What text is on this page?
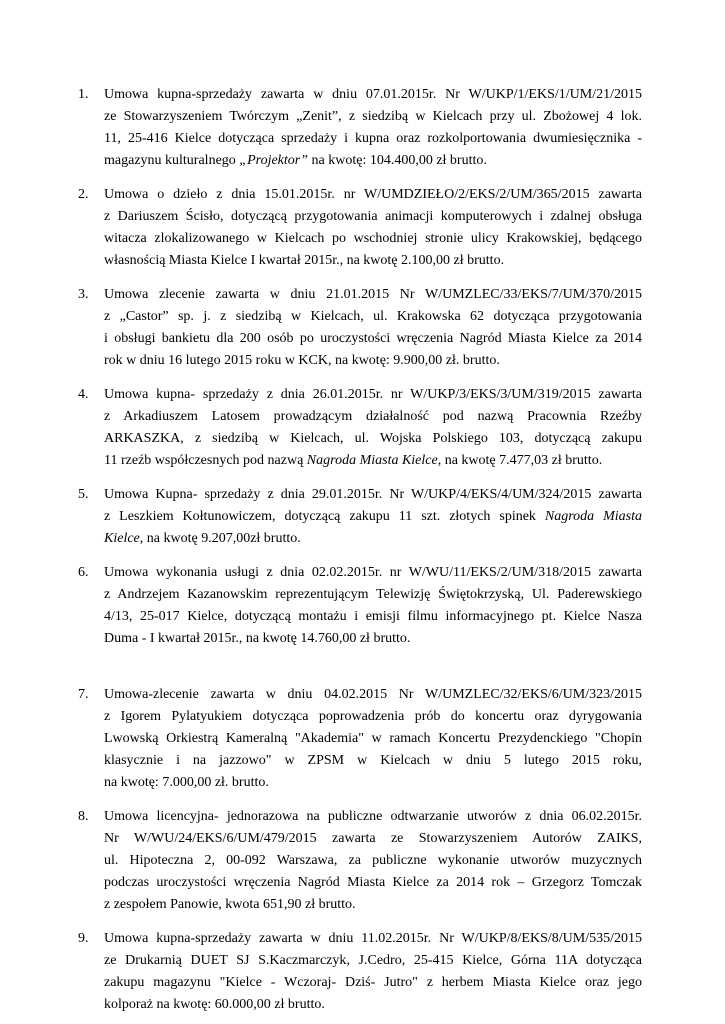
1. Umowa kupna-sprzedaży zawarta w dniu 07.01.2015r. Nr W/UKP/1/EKS/1/UM/21/2015
ze Stowarzyszeniem Twórczym „Zenit”, z siedzibą w Kielcach przy ul. Zbożowej 4 lok.
11, 25-416 Kielce dotycząca sprzedaży i kupna oraz rozkolportowania dwumiesięcznika -
magazynu kulturalnego „Projektor” na kwotę: 104.400,00 zł brutto.
2. Umowa o dzieło z dnia 15.01.2015r. nr W/UMDZIEŁO/2/EKS/2/UM/365/2015 zawarta
z Dariuszem Ścisło, dotyczącą przygotowania animacji komputerowych i zdalnej obsługa
witacza zlokalizowanego w Kielcach po wschodniej stronie ulicy Krakowskiej, będącego
własnością Miasta Kielce I kwartał 2015r., na kwotę 2.100,00 zł brutto.
3. Umowa zlecenie zawarta w dniu 21.01.2015 Nr W/UMZLEC/33/EKS/7/UM/370/2015
z „Castor” sp. j. z siedzibą w Kielcach, ul. Krakowska 62 dotycząca przygotowania
i obsługi bankietu dla 200 osób po uroczystości wręczenia Nagród Miasta Kielce za 2014
rok w dniu 16 lutego 2015 roku w KCK, na kwotę: 9.900,00 zł. brutto.
4. Umowa kupna- sprzedaży z dnia 26.01.2015r. nr W/UKP/3/EKS/3/UM/319/2015 zawarta
z Arkadiuszem Latosem prowadzącym działalność pod nazwą Pracownia Rzeźby
ARKASZKA, z siedzibą w Kielcach, ul. Wojska Polskiego 103, dotyczącą zakupu
11 rzeźb współczesnych pod nazwą Nagroda Miasta Kielce, na kwotę 7.477,03 zł brutto.
5. Umowa Kupna- sprzedaży z dnia 29.01.2015r. Nr W/UKP/4/EKS/4/UM/324/2015 zawarta
z Leszkiem Kołtunowiczem, dotyczącą zakupu 11 szt. złotych spinek Nagroda Miasta
Kielce, na kwotę 9.207,00zł brutto.
6. Umowa wykonania usługi z dnia 02.02.2015r. nr W/WU/11/EKS/2/UM/318/2015 zawarta
z Andrzejem Kazanowskim reprezentującym Telewizję Świętokrzyską, Ul. Paderewskiego
4/13, 25-017 Kielce, dotyczącą montażu i emisji filmu informacyjnego pt. Kielce Nasza
Duma - I kwartał 2015r., na kwotę 14.760,00 zł brutto.
7. Umowa-zlecenie zawarta w dniu 04.02.2015 Nr W/UMZLEC/32/EKS/6/UM/323/2015
z Igorem Pylatyukiem dotycząca poprowadzenia prób do koncertu oraz dyrygowania
Lwowską Orkiestrą Kameralną "Akademia" w ramach Koncertu Prezydenckiego "Chopin
klasycznie i na jazzowo" w ZPSM w Kielcach w dniu 5 lutego 2015 roku,
na kwotę: 7.000,00 zł. brutto.
8. Umowa licencyjna- jednorazowa na publiczne odtwarzanie utworów z dnia 06.02.2015r.
Nr W/WU/24/EKS/6/UM/479/2015 zawarta ze Stowarzyszeniem Autorów ZAIKS,
ul. Hipoteczna 2, 00-092 Warszawa, za publiczne wykonanie utworów muzycznych
podczas uroczystości wręczenia Nagród Miasta Kielce za 2014 rok – Grzegorz Tomczak
z zespołem Panowie, kwota 651,90 zł brutto.
9. Umowa kupna-sprzedaży zawarta w dniu 11.02.2015r. Nr W/UKP/8/EKS/8/UM/535/2015
ze Drukarnią DUET SJ S.Kaczmarczyk, J.Cedro, 25-415 Kielce, Górna 11A dotycząca
zakupu magazynu "Kielce - Wczoraj- Dziś- Jutro" z herbem Miasta Kielce oraz jego
kolporaż na kwotę: 60.000,00 zł brutto.
